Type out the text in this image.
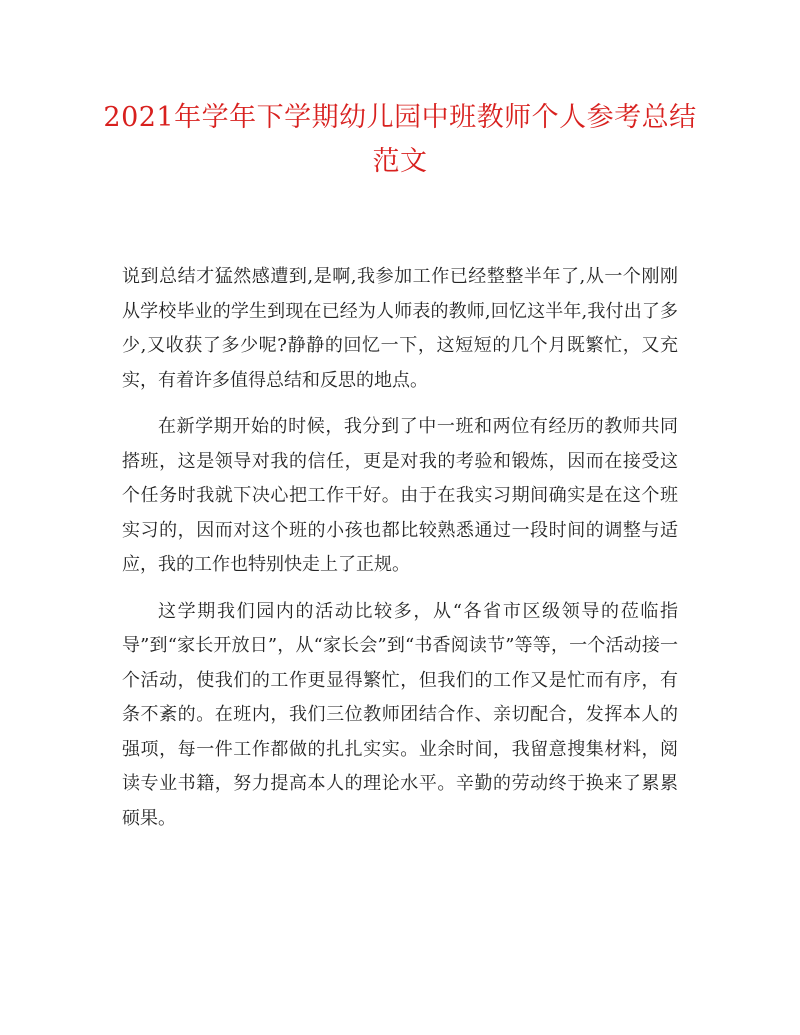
2021年学年下学期幼儿园中班教师个人参考总结范文

说到总结才猛然感遭到,是啊,我参加工作已经整整半年了,从一个刚刚从学校毕业的学生到现在已经为人师表的教师,回忆这半年,我付出了多少,又收获了多少呢?静静的回忆一下，这短短的几个月既繁忙，又充实，有着许多值得总结和反思的地点。

在新学期开始的时候，我分到了中一班和两位有经历的教师共同搭班，这是领导对我的信任，更是对我的考验和锻炼，因而在接受这个任务时我就下决心把工作干好。由于在我实习期间确实是在这个班实习的，因而对这个班的小孩也都比较熟悉通过一段时间的调整与适应，我的工作也特别快走上了正规。

这学期我们园内的活动比较多，从“各省市区级领导的莅临指导”到“家长开放日”，从“家长会”到“书香阅读节”等等，一个活动接一个活动，使我们的工作更显得繁忙，但我们的工作又是忙而有序，有条不紊的。在班内，我们三位教师团结合作、亲切配合，发挥本人的强项，每一件工作都做的扎扎实实。业余时间，我留意搜集材料，阅读专业书籍，努力提高本人的理论水平。辛勤的劳动终于换来了累累硕果。
